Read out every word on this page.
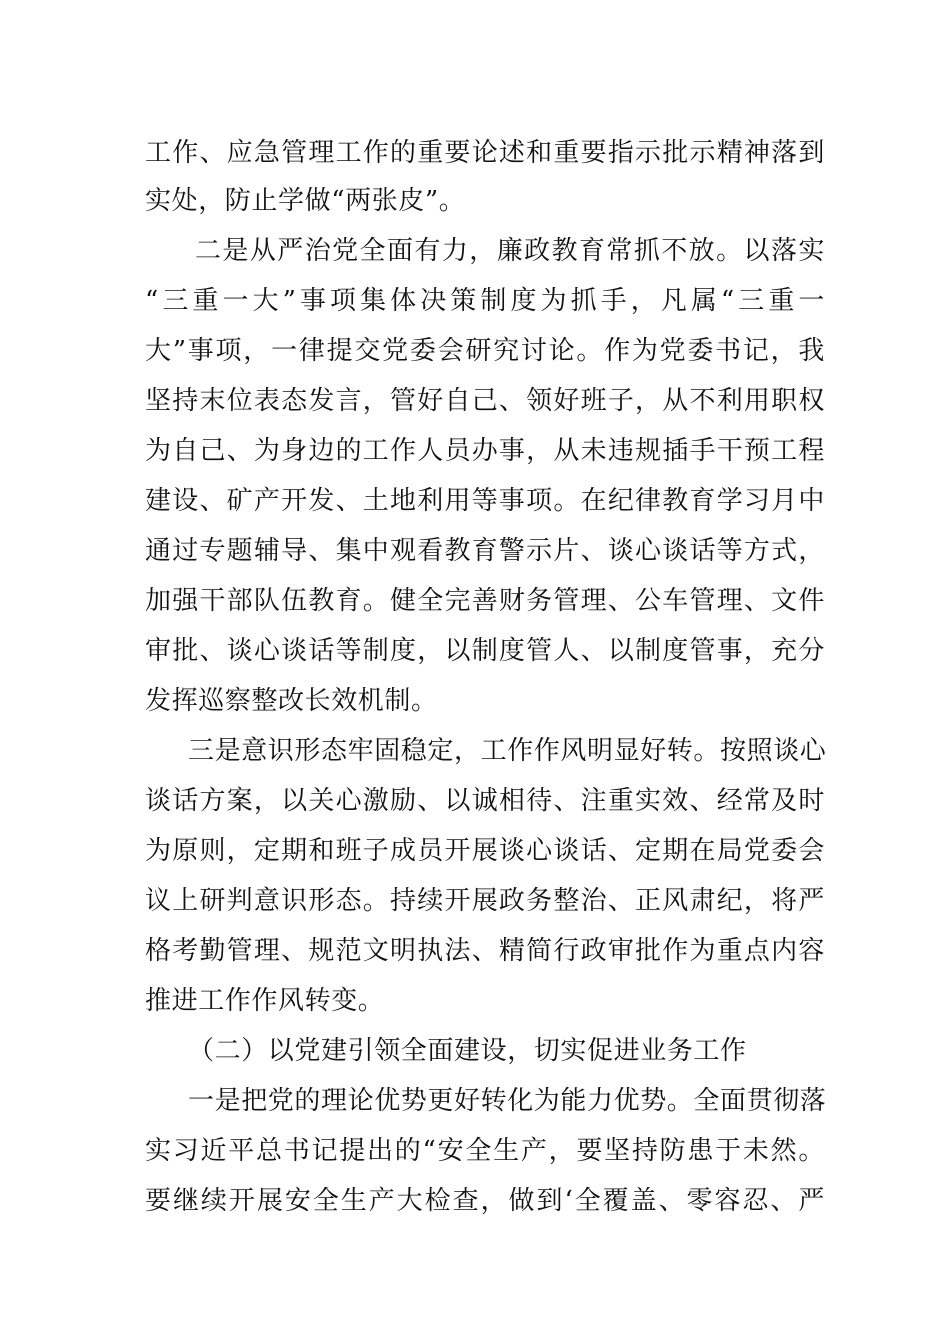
工作、应急管理工作的重要论述和重要指示批示精神落到
实处，防止学做“两张皮”。
二是从严治党全面有力，廉政教育常抓不放。以落实
“三重一大”事项集体决策制度为抓手，凡属“三重一
大”事项，一律提交党委会研究讨论。作为党委书记，我
坚持末位表态发言，管好自己、领好班子，从不利用职权
为自己、为身边的工作人员办事，从未违规插手干预工程
建设、矿产开发、土地利用等事项。在纪律教育学习月中
通过专题辅导、集中观看教育警示片、谈心谈话等方式，
加强干部队伍教育。健全完善财务管理、公车管理、文件
审批、谈心谈话等制度，以制度管人、以制度管事，充分
发挥巡察整改长效机制。
三是意识形态牢固稳定，工作作风明显好转。按照谈心
谈话方案，以关心激励、以诚相待、注重实效、经常及时
为原则，定期和班子成员开展谈心谈话、定期在局党委会
议上研判意识形态。持续开展政务整治、正风肃纪，将严
格考勤管理、规范文明执法、精简行政审批作为重点内容
推进工作作风转变。
（二）以党建引领全面建设，切实促进业务工作
一是把党的理论优势更好转化为能力优势。全面贯彻落
实习近平总书记提出的“安全生产，要坚持防患于未然。
要继续开展安全生产大检查，做到‘全覆盖、零容忍、严
